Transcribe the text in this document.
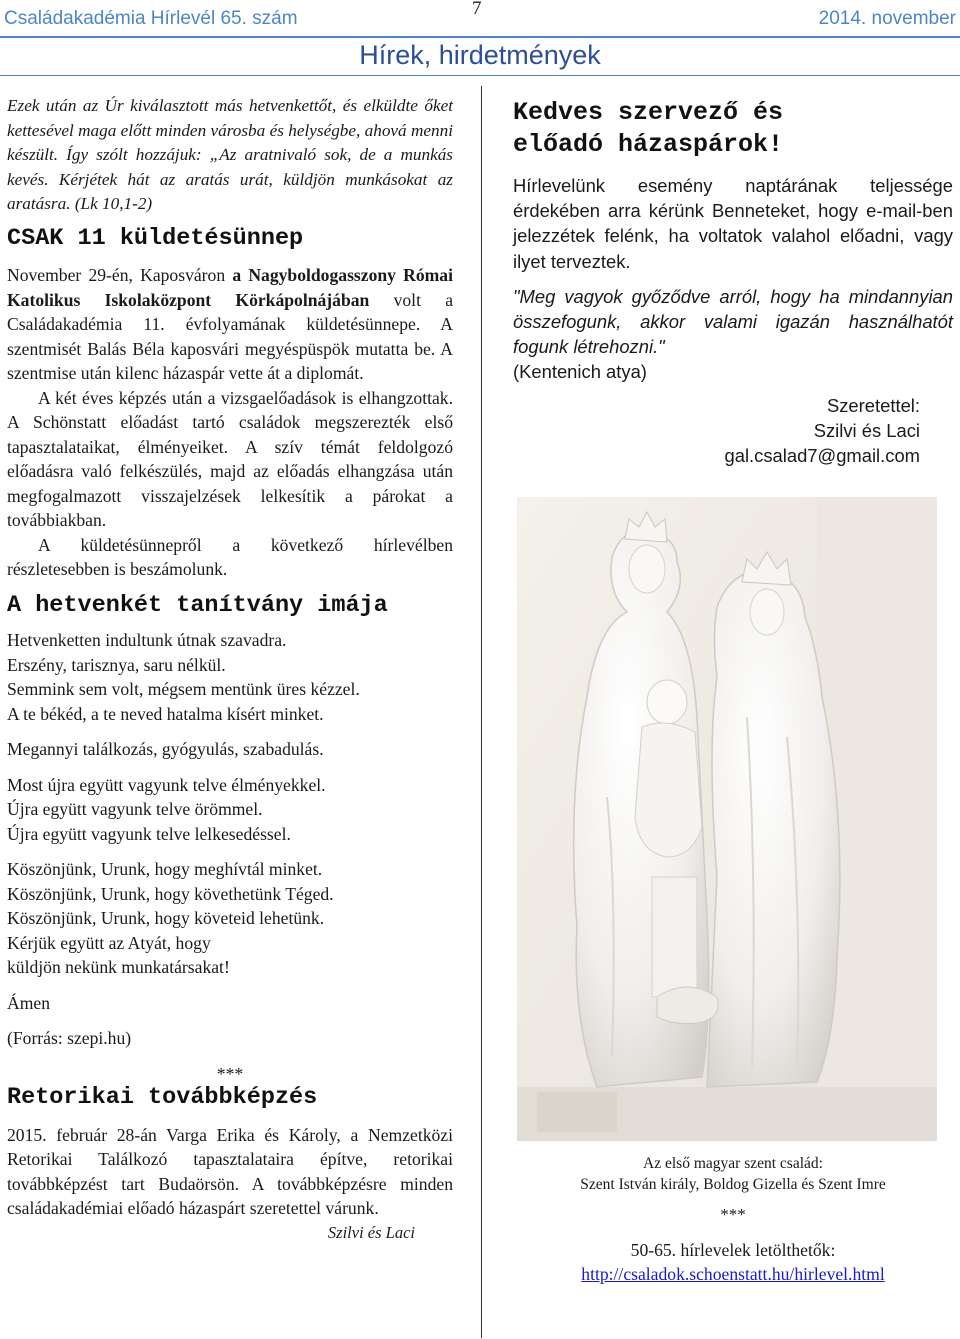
Családakadémia Hírlevél 65. szám	7	2014. november
Hírek, hirdetmények

Ezek után az Úr kiválasztott más hetvenkettőt, és elküldte őket kettesével maga előtt minden városba és helységbe, ahová menni készült. Így szólt hozzájuk: „Az aratnivaló sok, de a munkás kevés. Kérjétek hát az aratás urát, küldjön munkásokat az aratásra. (Lk 10,1-2)

CSAK 11 küldetésünnep

November 29-én, Kaposváron a Nagyboldogasszony Római Katolikus Iskolaközpont Körkápolnájában volt a Családakadémia 11. évfolyamának küldetésünnepe. A szentmisét Balás Béla kaposvári megyéspüspök mutatta be. A szentmise után kilenc házaspár vette át a diplomát.

A két éves képzés után a vizsgaelőadások is elhangzottak. A Schönstatt előadást tartó családok megszerezték első tapasztalataikat, élményeiket. A szív témát feldolgozó előadásra való felkészülés, majd az előadás elhangzása után megfogalmazott visszajelzések lelkesítik a párokat a továbbiakban.

A küldetésünnepről a következő hírlevélben részletesebben is beszámolunk.

A hetvenkét tanítvány imája
Hetvenketten indultunk útnak szavadra.
Erszény, tarisznya, saru nélkül.
Semmink sem volt, mégsem mentünk üres kézzel.
A te békéd, a te neved hatalma kísért minket.
Megannyi találkozás, gyógyulás, szabadulás.
Most újra együtt vagyunk telve élményekkel.
Újra együtt vagyunk telve örömmel.
Újra együtt vagyunk telve lelkesedéssel.
Köszönjünk, Urunk, hogy meghívtál minket.
Köszönjünk, Urunk, hogy követhetünk Téged.
Köszönjünk, Urunk, hogy követeid lehetünk.
Kérjük együtt az Atyát, hogy
küldjön nekünk munkatársakat!
Ámen
(Forrás: szepi.hu)
***
Retorikai továbbképzés

2015. február 28-án Varga Erika és Károly, a Nemzetközi Retorikai Találkozó tapasztalataira építve, retorikai továbbképzést tart Budaörsön. A továbbképzésre minden családakadémiai előadó házaspárt szeretettel várunk.

Szilvi és Laci

Kedves szervező és
előadó házaspárok!

Hírlevelünk esemény naptárának teljessége érdekében arra kérünk Benneteket, hogy e-mail-ben jelezzétek felénk, ha voltatok valahol előadni, vagy ilyet terveztek.

"Meg vagyok győződve arról, hogy ha mindannyian összefogunk, akkor valami igazán használhatót fogunk létrehozni."

(Kentenich atya)

Szeretettel:
Szilvi és Laci
gal.csalad7@gmail.com
Az első magyar szent család:
Szent István király, Boldog Gizella és Szent Imre
***
50-65. hírlevelek letölthetők:
http://csaladok.schoenstatt.hu/hirlevel.html
